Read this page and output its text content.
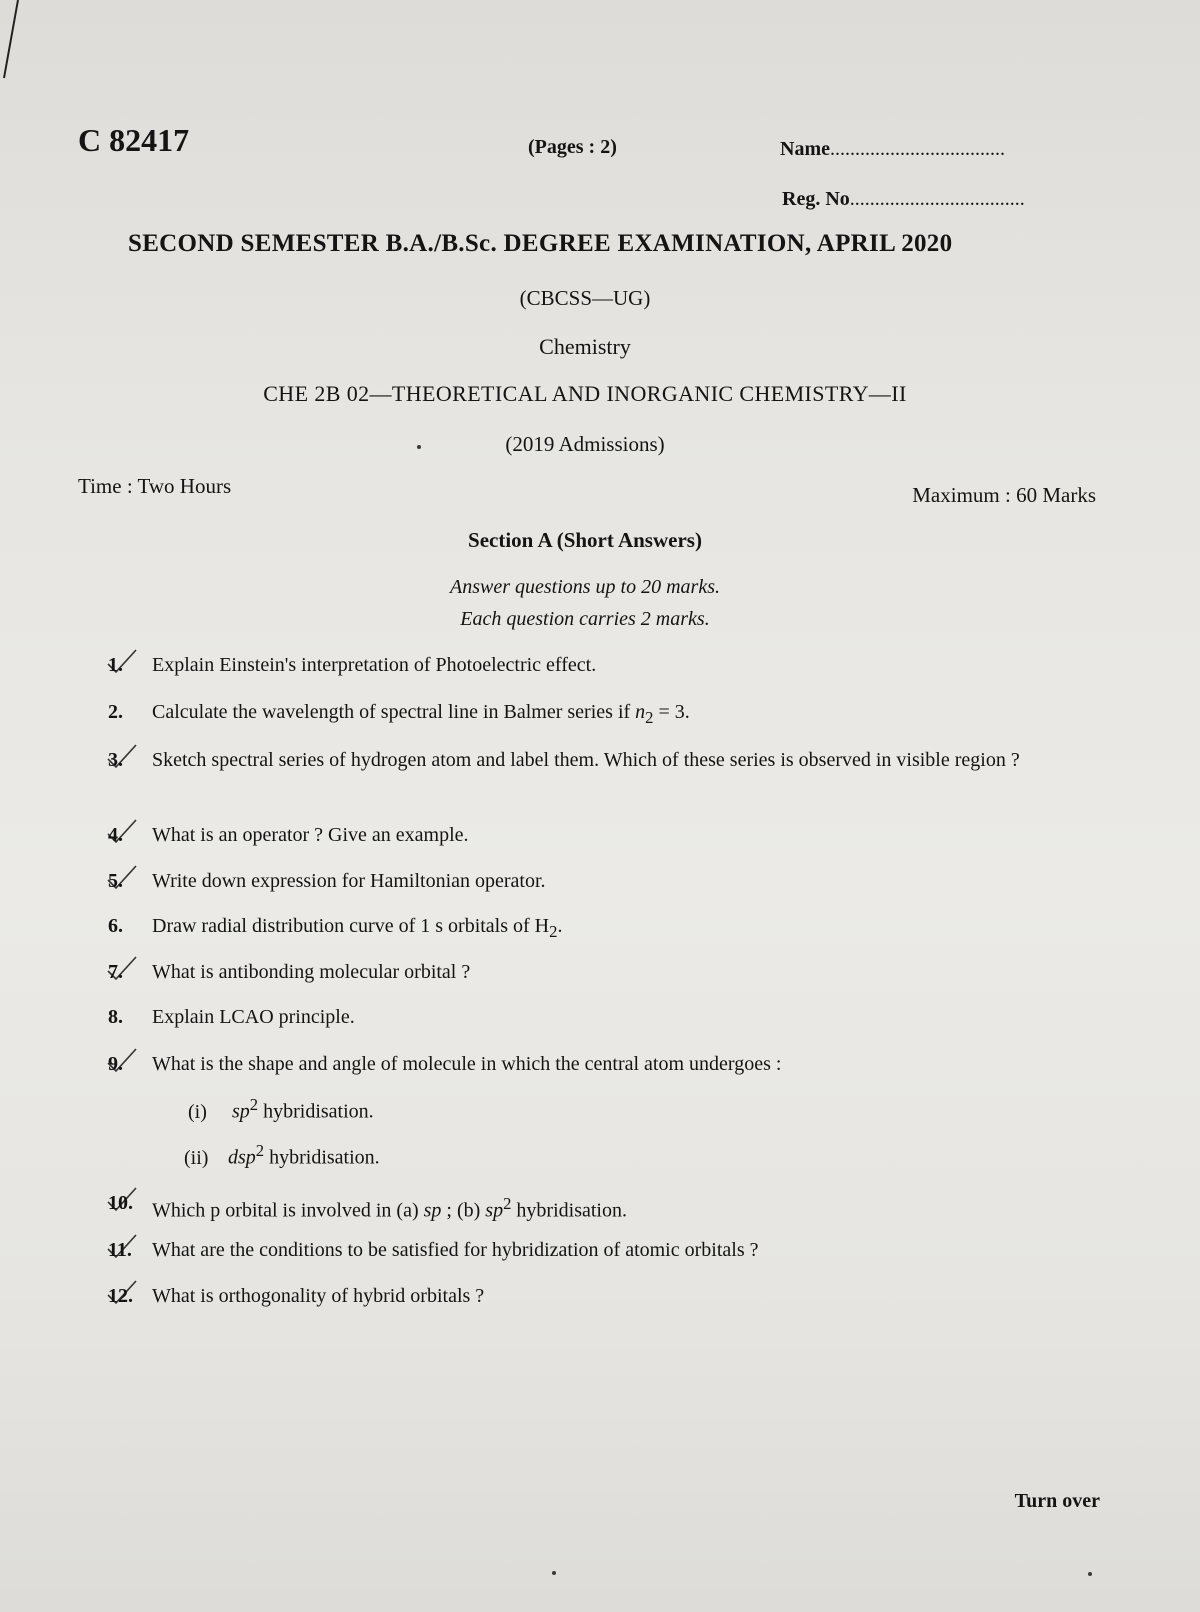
C 82417	(Pages : 2)	Name...................................
Reg. No...................................
SECOND SEMESTER B.A./B.Sc. DEGREE EXAMINATION, APRIL 2020
(CBCSS—UG)
Chemistry
CHE 2B 02—THEORETICAL AND INORGANIC CHEMISTRY—II
(2019 Admissions)
Time : Two Hours	Maximum : 60 Marks
Section A (Short Answers)
Answer questions up to 20 marks.
Each question carries 2 marks.
1.	Explain Einstein's interpretation of Photoelectric effect.
2.	Calculate the wavelength of spectral line in Balmer series if $n_2 = 3$.
3.	Sketch spectral series of hydrogen atom and label them. Which of these series is observed in visible region ?
4.	What is an operator ? Give an example.
5.	Write down expression for Hamiltonian operator.
6.	Draw radial distribution curve of 1 s orbitals of $H_2$.
7.	What is antibonding molecular orbital ?
8.	Explain LCAO principle.
9.	What is the shape and angle of molecule in which the central atom undergoes :
(i) $sp^2$ hybridisation.
(ii) dsp$^2$ hybridisation.
10. Which p orbital is involved in (a) sp ; (b) $sp^2$ hybridisation.
11.	What are the conditions to be satisfied for hybridization of atomic orbitals ?
12. What is orthogonality of hybrid orbitals ?
Turn over
